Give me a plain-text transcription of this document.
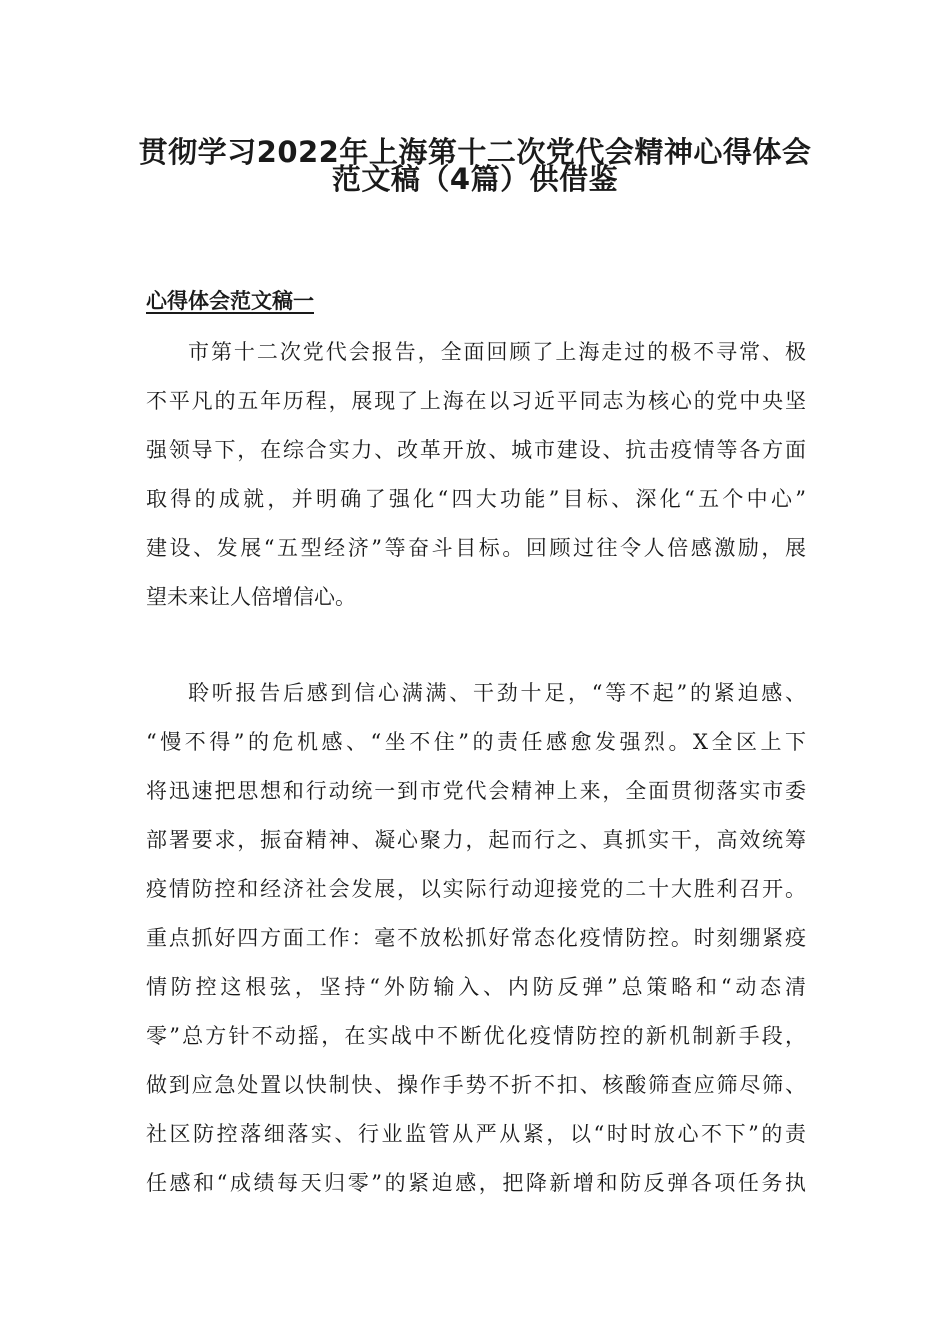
贯彻学习2022年上海第十二次党代会精神心得体会
范文稿（4篇）供借鉴
心得体会范文稿一
市第十二次党代会报告，全面回顾了上海走过的极不寻常、极
不平凡的五年历程，展现了上海在以习近平同志为核心的党中央坚
强领导下，在综合实力、改革开放、城市建设、抗击疫情等各方面
取得的成就，并明确了强化“四大功能”目标、深化“五个中心”
建设、发展“五型经济”等奋斗目标。回顾过往令人倍感激励，展
望未来让人倍增信心。
聆听报告后感到信心满满、干劲十足，“等不起”的紧迫感、
“慢不得”的危机感、“坐不住”的责任感愈发强烈。X全区上下
将迅速把思想和行动统一到市党代会精神上来，全面贯彻落实市委
部署要求，振奋精神、凝心聚力，起而行之、真抓实干，高效统筹
疫情防控和经济社会发展，以实际行动迎接党的二十大胜利召开。
重点抓好四方面工作：毫不放松抓好常态化疫情防控。时刻绷紧疫
情防控这根弦，坚持“外防输入、内防反弹”总策略和“动态清
零”总方针不动摇，在实战中不断优化疫情防控的新机制新手段，
做到应急处置以快制快、操作手势不折不扣、核酸筛查应筛尽筛、
社区防控落细落实、行业监管从严从紧，以“时时放心不下”的责
任感和“成绩每天归零”的紧迫感，把降新增和防反弹各项任务执
